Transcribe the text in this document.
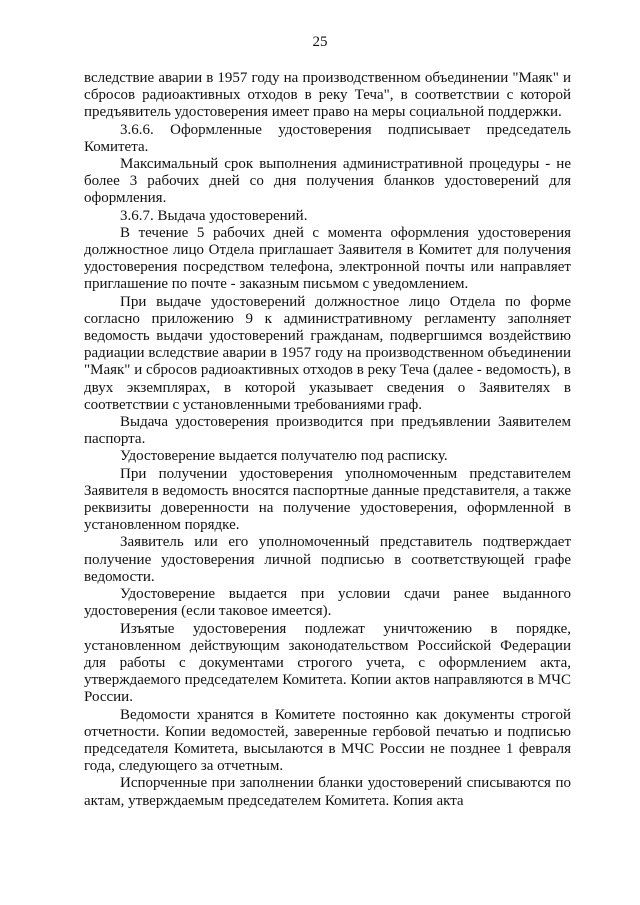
25

вследствие аварии в 1957 году на производственном объединении "Маяк" и сбросов радиоактивных отходов в реку Теча", в соответствии с которой предъявитель удостоверения имеет право на меры социальной поддержки.

3.6.6. Оформленные удостоверения подписывает председатель Комитета.

Максимальный срок выполнения административной процедуры - не более 3 рабочих дней со дня получения бланков удостоверений для оформления.

3.6.7. Выдача удостоверений.

В течение 5 рабочих дней с момента оформления удостоверения должностное лицо Отдела приглашает Заявителя в Комитет для получения удостоверения посредством телефона, электронной почты или направляет приглашение по почте - заказным письмом с уведомлением.

При выдаче удостоверений должностное лицо Отдела по форме согласно приложению 9 к административному регламенту заполняет ведомость выдачи удостоверений гражданам, подвергшимся воздействию радиации вследствие аварии в 1957 году на производственном объединении "Маяк" и сбросов радиоактивных отходов в реку Теча (далее - ведомость), в двух экземплярах, в которой указывает сведения о Заявителях в соответствии с установленными требованиями граф.

Выдача удостоверения производится при предъявлении Заявителем паспорта.

Удостоверение выдается получателю под расписку.

При получении удостоверения уполномоченным представителем Заявителя в ведомость вносятся паспортные данные представителя, а также реквизиты доверенности на получение удостоверения, оформленной в установленном порядке.

Заявитель или его уполномоченный представитель подтверждает получение удостоверения личной подписью в соответствующей графе ведомости.

Удостоверение выдается при условии сдачи ранее выданного удостоверения (если таковое имеется).

Изъятые удостоверения подлежат уничтожению в порядке, установленном действующим законодательством Российской Федерации для работы с документами строгого учета, с оформлением акта, утверждаемого председателем Комитета. Копии актов направляются в МЧС России.

Ведомости хранятся в Комитете постоянно как документы строгой отчетности. Копии ведомостей, заверенные гербовой печатью и подписью председателя Комитета, высылаются в МЧС России не позднее 1 февраля года, следующего за отчетным.

Испорченные при заполнении бланки удостоверений списываются по актам, утверждаемым председателем Комитета. Копия акта
